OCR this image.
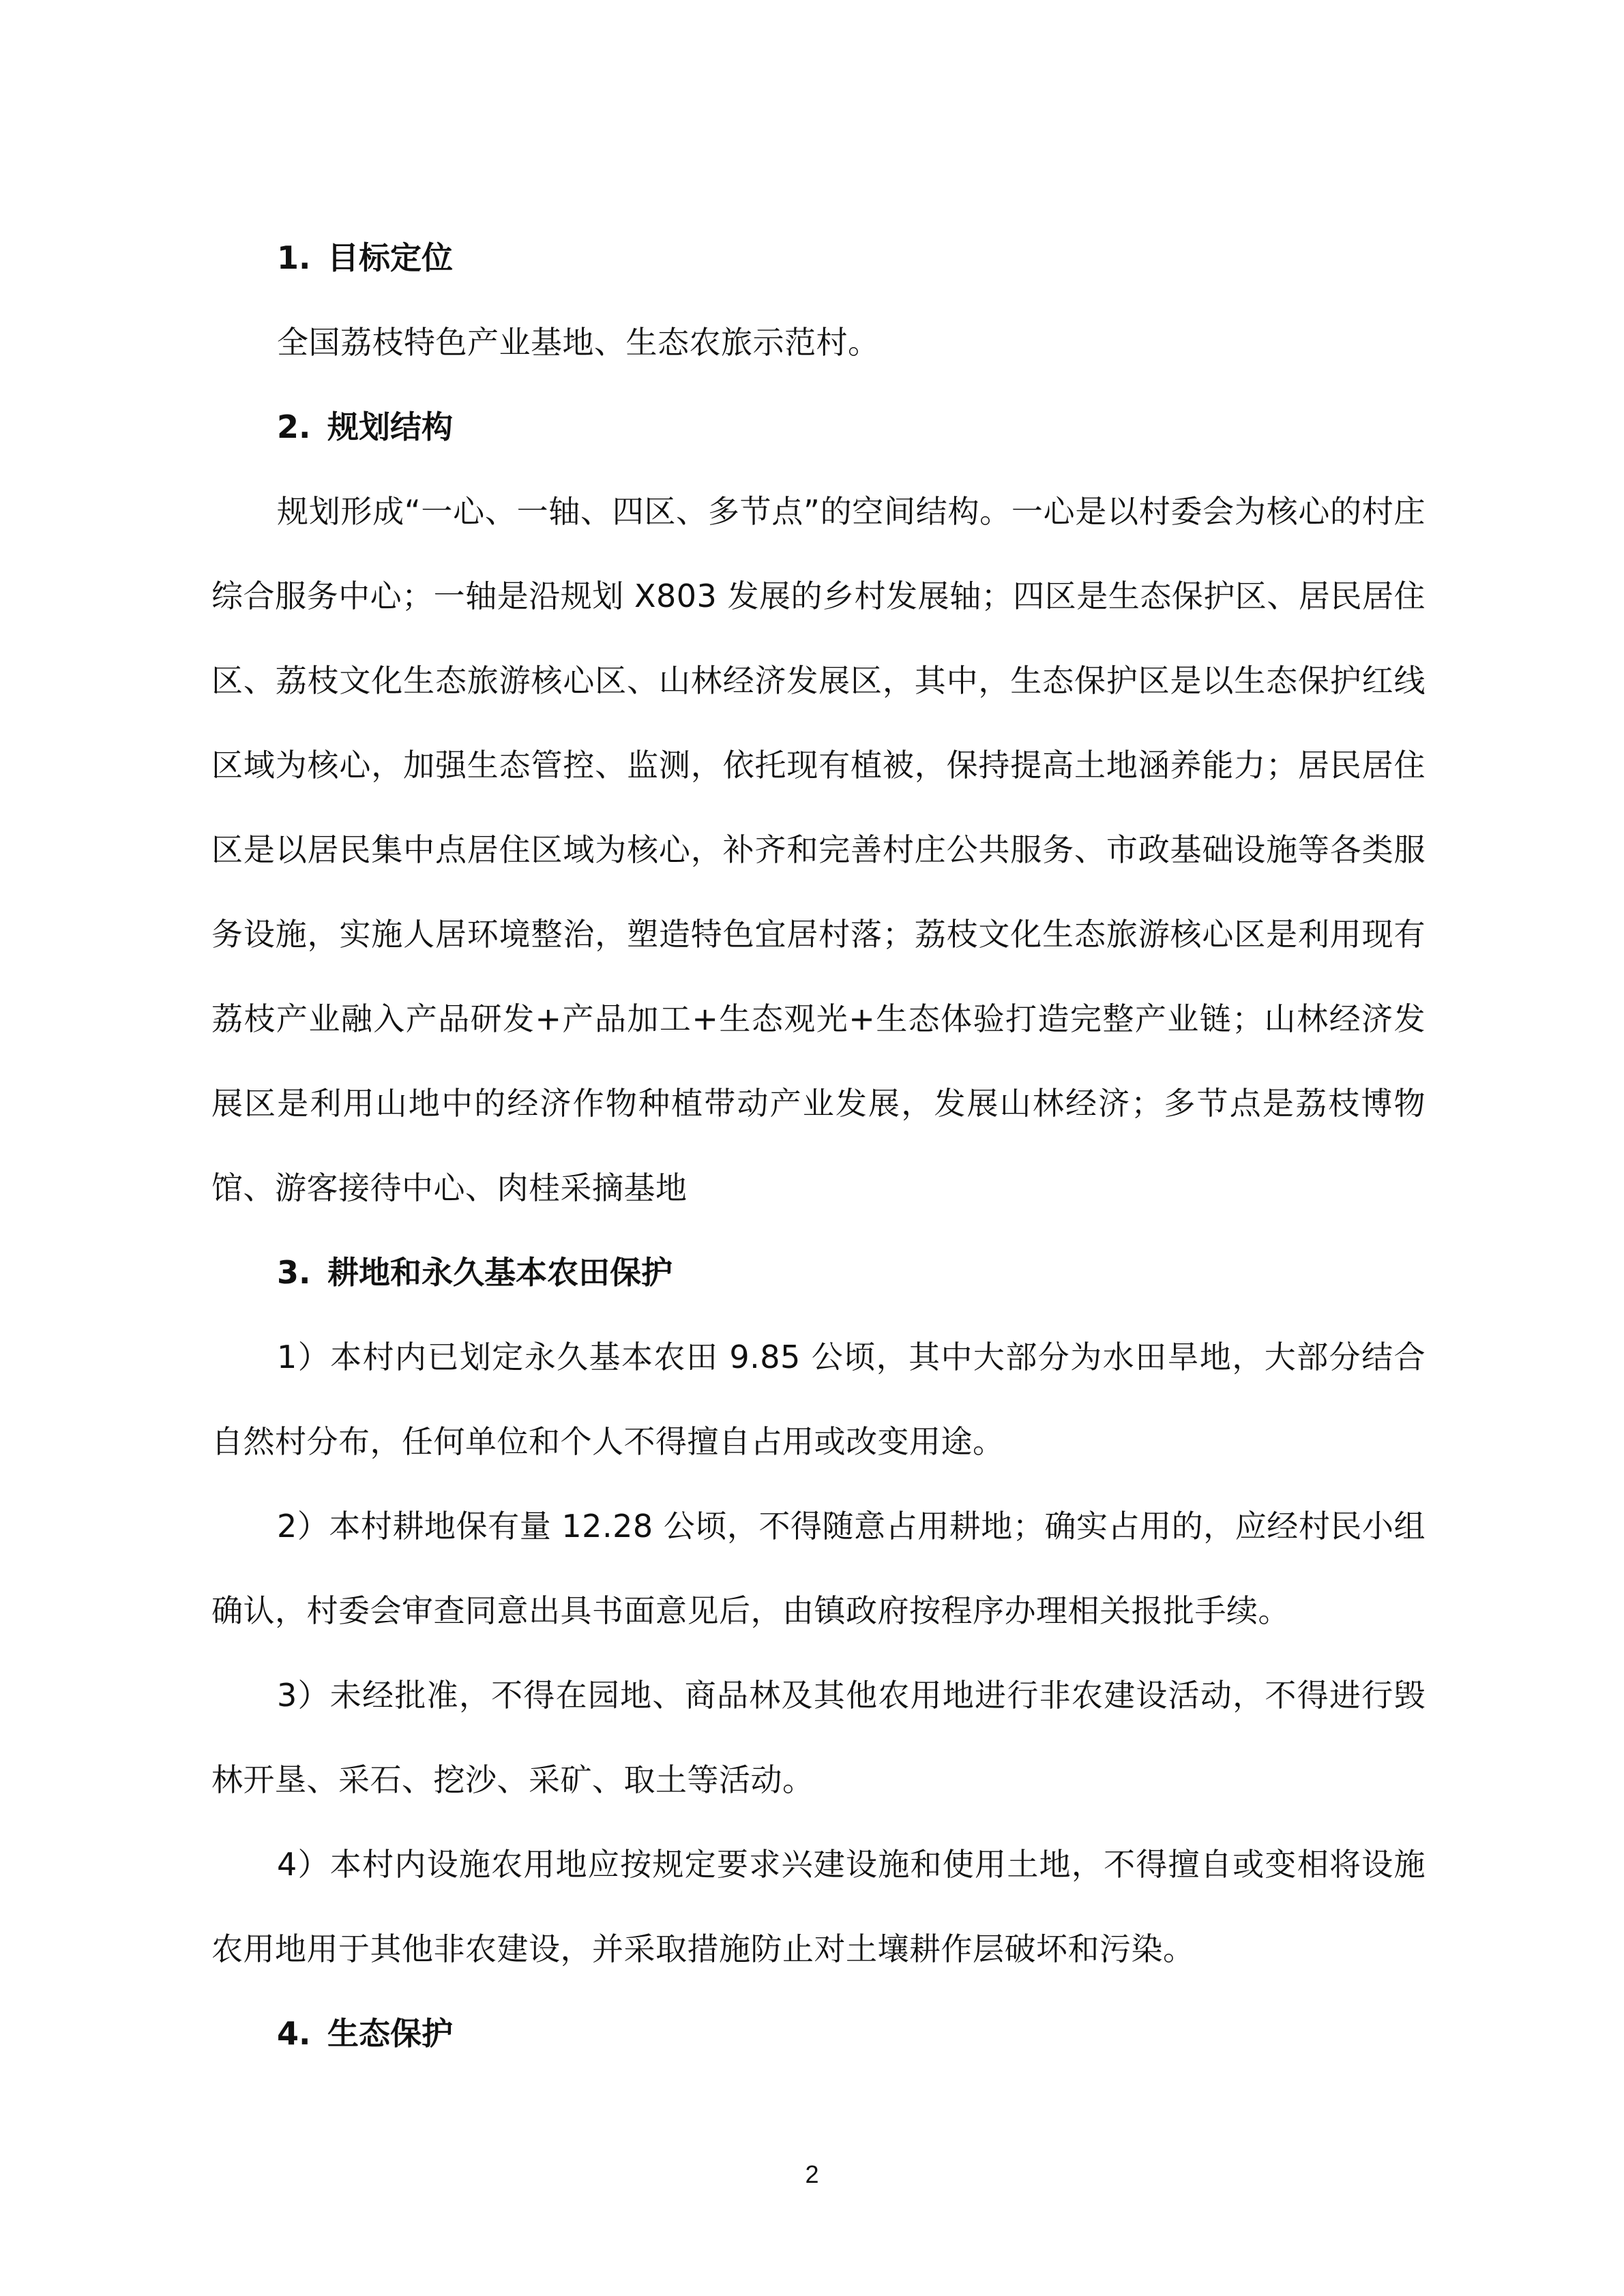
1. 目标定位

全国荔枝特色产业基地、生态农旅示范村。

2. 规划结构

规划形成“一心、一轴、四区、多节点”的空间结构。一心是以村委会为核心的村庄综合服务中心；一轴是沿规划 X803 发展的乡村发展轴；四区是生态保护区、居民居住区、荔枝文化生态旅游核心区、山林经济发展区，其中，生态保护区是以生态保护红线区域为核心，加强生态管控、监测，依托现有植被，保持提高土地涵养能力；居民居住区是以居民集中点居住区域为核心，补齐和完善村庄公共服务、市政基础设施等各类服务设施，实施人居环境整治，塑造特色宜居村落；荔枝文化生态旅游核心区是利用现有荔枝产业融入产品研发+产品加工+生态观光+生态体验打造完整产业链；山林经济发展区是利用山地中的经济作物种植带动产业发展，发展山林经济；多节点是荔枝博物馆、游客接待中心、肉桂采摘基地

3. 耕地和永久基本农田保护

1）本村内已划定永久基本农田 9.85 公顷，其中大部分为水田旱地，大部分结合自然村分布，任何单位和个人不得擅自占用或改变用途。

2）本村耕地保有量 12.28 公顷，不得随意占用耕地；确实占用的，应经村民小组确认，村委会审查同意出具书面意见后，由镇政府按程序办理相关报批手续。

3）未经批准，不得在园地、商品林及其他农用地进行非农建设活动，不得进行毁林开垦、采石、挖沙、采矿、取土等活动。

4）本村内设施农用地应按规定要求兴建设施和使用土地，不得擅自或变相将设施农用地用于其他非农建设，并采取措施防止对土壤耕作层破坏和污染。

4. 生态保护
2
